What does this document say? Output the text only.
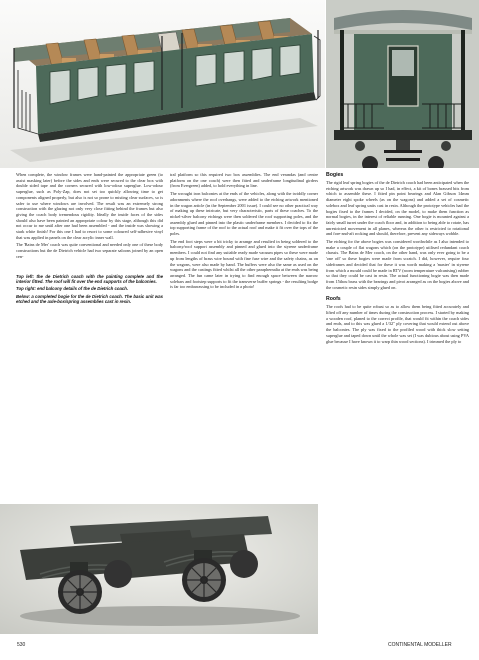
When complete, the window frames were hand-painted the appropriate green (to assist masking later) before the sides and ends were secured to the clear box with double sided tape and the corners secured with low-odour superglue. Low-odour superglue, such as Poly-Zap, does not set too quickly allowing time to get components aligned properly, but also is not so prone to misting clear surfaces, so is safer to use where windows are involved. The result was an extremely strong construction with the glazing not only very close fitting behind the frames but also giving the coach body tremendous rigidity. Ideally the inside faces of the sides should also have been painted an appropriate colour by this stage, although this did not occur to me until after one had been assembled - and the inside was showing a stark white finish! For this one I had to resort to some coloured self-adhesive vinyl that was applied in panels on the clear acrylic inner wall.

The 'Bains de Mer' coach was quite conventional and needed only one of these body constructions but the de Dietrich vehicle had two separate saloons joined by an open cen-

Top left: the de Dietrich coach with the painting complete and the interior fitted. The roof will fit over the end supports of the balconies.

Top right: end balcony details of the de Dietrich coach.

Below: a completed bogie for the de Dietrich coach. The basic unit was etched and the axle-box/spring assemblies cast in resin.

tral platform so this required two box assemblies. The end verandas (and centre platform on the one coach) were then fitted and underframe longitudinal girders (from Evergreen) added, to hold everything in line.

The wrought iron balconies at the ends of the vehicles, along with the twiddly corner adornments where the roof overhangs, were added to the etching artwork mentioned in the wagon article (in the September 2001 issue). I could see no other practical way of making up these intricate, but very characteristic, parts of these coaches. To the nickel-silver balcony etchings were then soldered the roof supporting poles, and the assembly glued and pinned into the plastic underframe members. I decided to fix the top supporting frame of the roof to the actual roof and make it fit over the tops of the poles.

The end foot steps were a bit tricky to arrange and resulted in being soldered to the balcony/roof support assembly and pinned and glued into the styrene underframe members. I could not find any suitable ready made vacuum pipes so these were made up from lengths of brass wire bound with fine fuse wire and the safety chains, as on the wagons, were also made by hand. The buffers were also the same as used on the wagons and the castings fitted whilst all the other paraphernalia at the ends was being arranged. The fun came later in trying to find enough space between the narrow solebars and footstep supports to fit the transverse buffer springs - the resulting bodge is far too embarrassing to be included in a photo!

Bogies

The rigid leaf spring bogies of the de Dietrich coach had been anticipated when the etching artwork was drawn up so I had, in effect, a kit of bones brassed bits from which to assemble these. I fitted pin point bearings and Alan Gibson 14mm diameter eight spoke wheels (as on the wagons) and added a set of cosmetic solebox and leaf spring units cast in resin. Although the prototype vehicles had the bogies fixed to the frames I decided, on the model, to make them function as normal bogies, in the interest of reliable running. One bogie is mounted against a fairly small turret under the coach floor and, in addition to being able to rotate, has unrestricted movement in all planes, whereas the other is restricted to rotational and fore-and-aft rocking and should, therefore, prevent any sideways wobble.

The etching for the above bogies was considered worthwhile as I also intended to make a couple of flat wagons which (on the prototype) utilised redundant coach chassis. The Bains de Mer coach, on the other hand, was only ever going to be a 'one off' so these bogies were made from scratch. I did, however, require four sideframes and decided that for these it was worth making a 'master' in styrene from which a mould could be made in RTV (room temperature vulcanising) rubber so that they could be cast in resin. The actual functioning bogie was then made from 15thou brass with the bearings and pivot arranged as on the bogies above and the cosmetic resin sides simply glued on.

Roofs

The roofs had to be quite robust so as to allow them being fitted accurately and lifted off any number of times during the construction process. I started by making a wooden roof, planed to the correct profile, that would fit within the coach sides and ends, and to this was glued a 1/32" ply covering that would extend out above the balconies. The ply was fixed to the profiled wood with thick slow setting superglue and taped down until the whole was set (I was dubious about using PVA glue because I have known it to warp thin wood sections). I trimmed the ply to

530	CONTINENTAL MODELLER
